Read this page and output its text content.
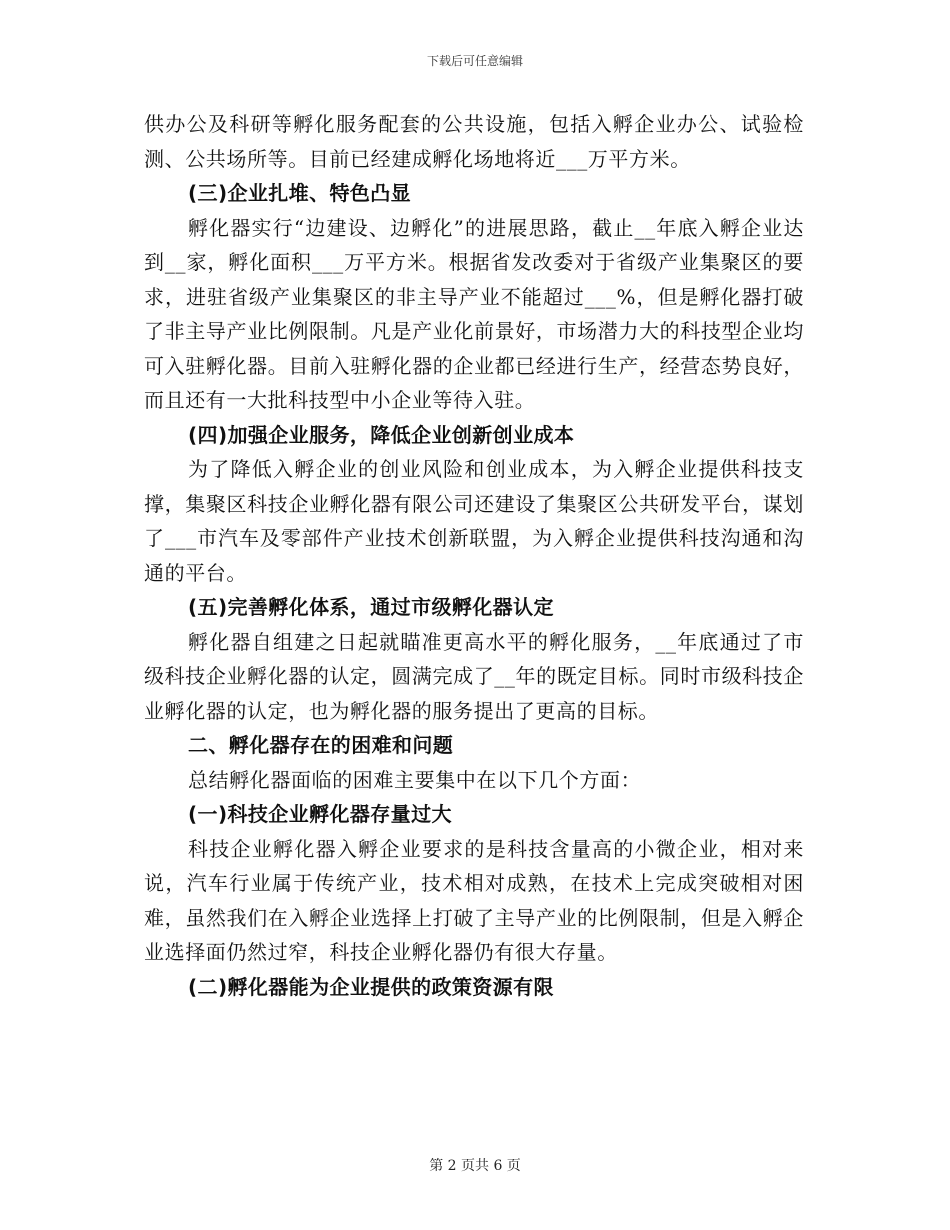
下载后可任意编辑

供办公及科研等孵化服务配套的公共设施，包括入孵企业办公、试验检测、公共场所等。目前已经建成孵化场地将近___万平方米。

(三)企业扎堆、特色凸显

孵化器实行“边建设、边孵化”的进展思路，截止__年底入孵企业达到__家，孵化面积___万平方米。根据省发改委对于省级产业集聚区的要求，进驻省级产业集聚区的非主导产业不能超过___%，但是孵化器打破了非主导产业比例限制。凡是产业化前景好，市场潜力大的科技型企业均可入驻孵化器。目前入驻孵化器的企业都已经进行生产，经营态势良好，而且还有一大批科技型中小企业等待入驻。

(四)加强企业服务，降低企业创新创业成本

为了降低入孵企业的创业风险和创业成本，为入孵企业提供科技支撑，集聚区科技企业孵化器有限公司还建设了集聚区公共研发平台，谋划了___市汽车及零部件产业技术创新联盟，为入孵企业提供科技沟通和沟通的平台。

(五)完善孵化体系，通过市级孵化器认定

孵化器自组建之日起就瞄准更高水平的孵化服务，__年底通过了市级科技企业孵化器的认定，圆满完成了__年的既定目标。同时市级科技企业孵化器的认定，也为孵化器的服务提出了更高的目标。

二、孵化器存在的困难和问题

总结孵化器面临的困难主要集中在以下几个方面：

(一)科技企业孵化器存量过大

科技企业孵化器入孵企业要求的是科技含量高的小微企业，相对来说，汽车行业属于传统产业，技术相对成熟，在技术上完成突破相对困难，虽然我们在入孵企业选择上打破了主导产业的比例限制，但是入孵企业选择面仍然过窄，科技企业孵化器仍有很大存量。

(二)孵化器能为企业提供的政策资源有限

第 2 页共 6 页
